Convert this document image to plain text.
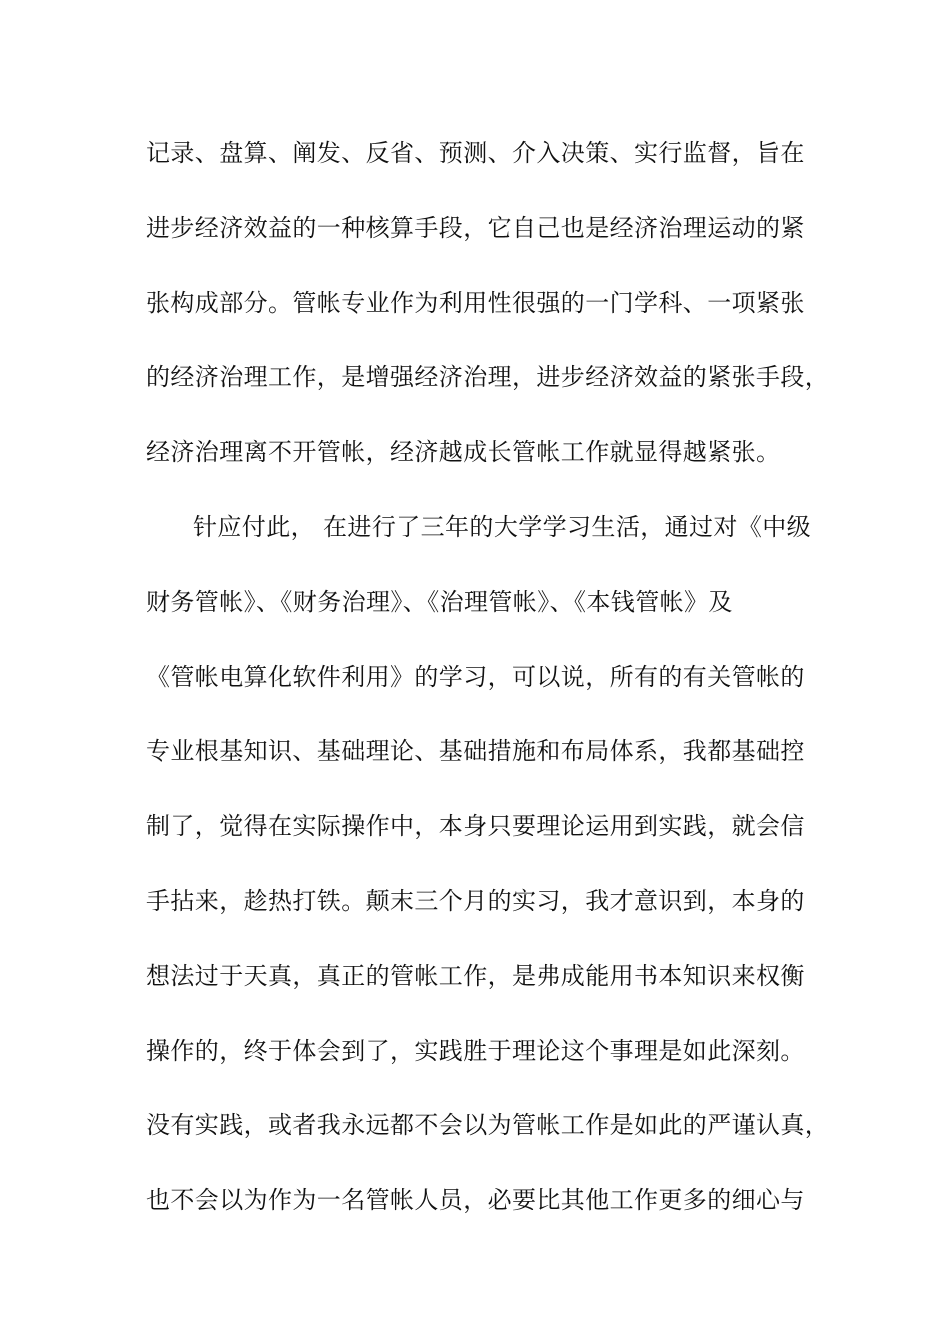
记录、盘算、阐发、反省、预测、介入决策、实行监督，旨在
进步经济效益的一种核算手段，它自己也是经济治理运动的紧
张构成部分。管帐专业作为利用性很强的一门学科、一项紧张
的经济治理工作，是增强经济治理，进步经济效益的紧张手段，
经济治理离不开管帐，经济越成长管帐工作就显得越紧张。
针应付此， 在进行了三年的大学学习生活，通过对《中级
财务管帐》、《财务治理》、《治理管帐》、《本钱管帐》及
《管帐电算化软件利用》的学习，可以说，所有的有关管帐的
专业根基知识、基础理论、基础措施和布局体系，我都基础控
制了，觉得在实际操作中，本身只要理论运用到实践，就会信
手拈来，趁热打铁。颠末三个月的实习，我才意识到，本身的
想法过于天真，真正的管帐工作，是弗成能用书本知识来权衡
操作的，终于体会到了，实践胜于理论这个事理是如此深刻。
没有实践，或者我永远都不会以为管帐工作是如此的严谨认真，
也不会以为作为一名管帐人员，必要比其他工作更多的细心与
